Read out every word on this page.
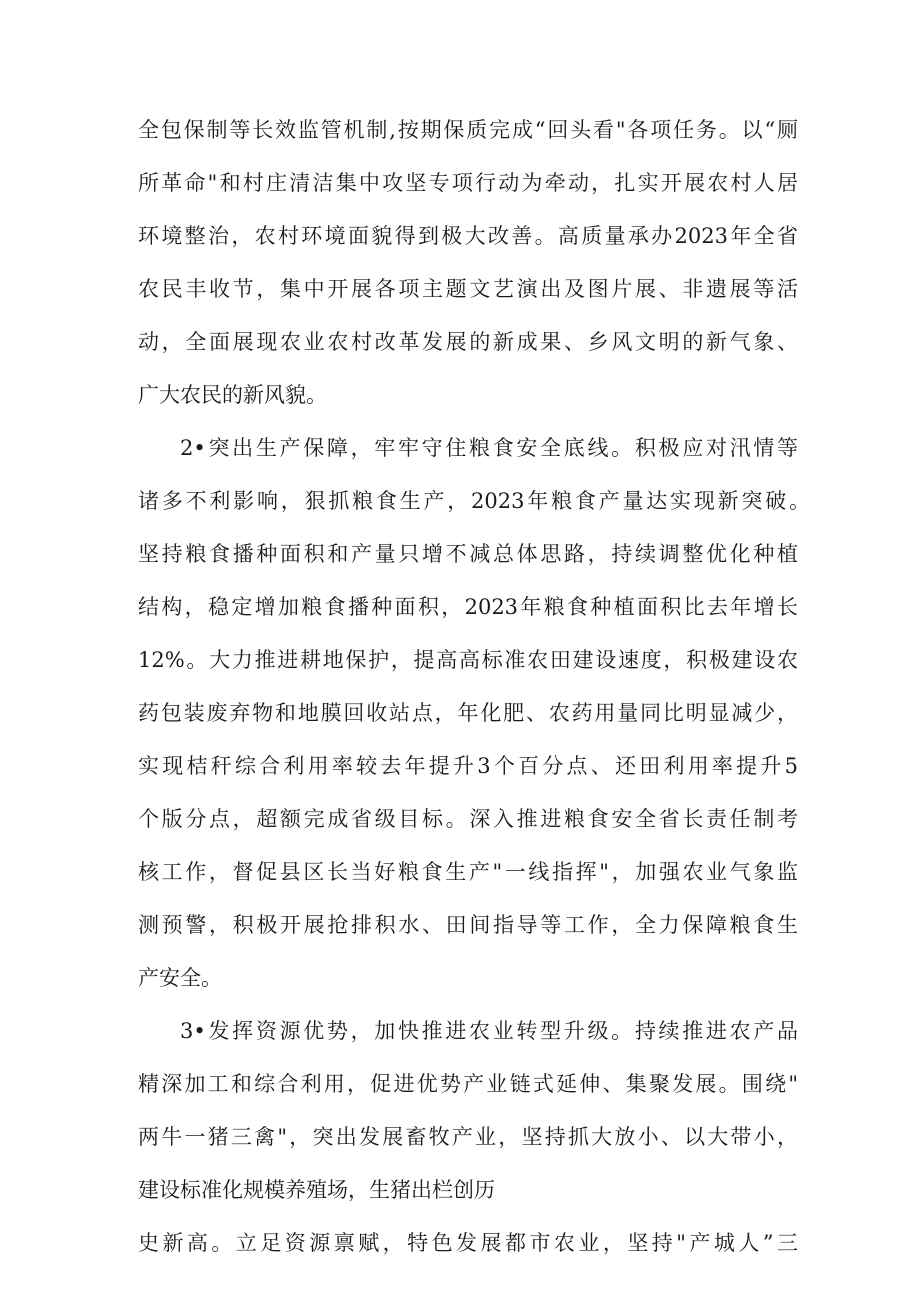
全包保制等长效监管机制,按期保质完成“回头看"各项任务。以“厕
所革命"和村庄清洁集中攻坚专项行动为牵动，扎实开展农村人居
环境整治，农村环境面貌得到极大改善。高质量承办2023年全省
农民丰收节，集中开展各项主题文艺演出及图片展、非遗展等活
动，全面展现农业农村改革发展的新成果、乡风文明的新气象、
广大农民的新风貌。
2•突出生产保障，牢牢守住粮食安全底线。积极应对汛情等
诸多不利影响，狠抓粮食生产，2023年粮食产量达实现新突破。
坚持粮食播种面积和产量只增不减总体思路，持续调整优化种植
结构，稳定增加粮食播种面积，2023年粮食种植面积比去年增长
12%。大力推进耕地保护，提高高标准农田建设速度，积极建设农
药包装废弃物和地膜回收站点，年化肥、农药用量同比明显减少，
实现桔秆综合利用率较去年提升3个百分点、还田利用率提升5
个版分点，超额完成省级目标。深入推进粮食安全省长责任制考
核工作，督促县区长当好粮食生产"一线指挥"，加强农业气象监
测预警，积极开展抢排积水、田间指导等工作，全力保障粮食生
产安全。
3•发挥资源优势，加快推进农业转型升级。持续推进农产品
精深加工和综合利用，促进优势产业链式延伸、集聚发展。围绕"
两牛一猪三禽"，突出发展畜牧产业，坚持抓大放小、以大带小，
建设标准化规模养殖场，生猪出栏创历
史新高。立足资源禀赋，特色发展都市农业，坚持"产城人”三
